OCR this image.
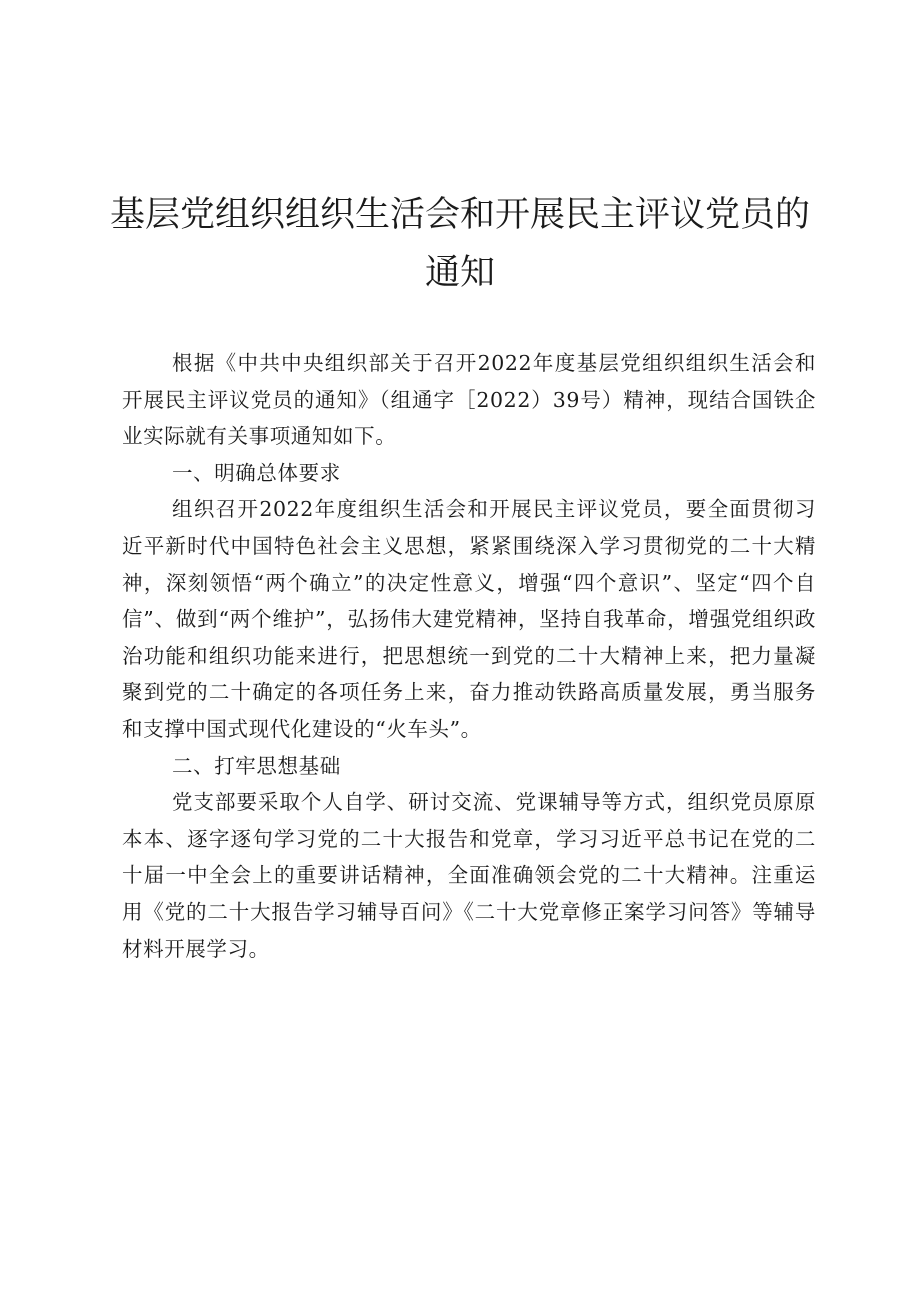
基层党组织组织生活会和开展民主评议党员的通知

根据《中共中央组织部关于召开2022年度基层党组织组织生活会和开展民主评议党员的通知》（组通字［2022）39号）精神，现结合国铁企业实际就有关事项通知如下。

一、明确总体要求

组织召开2022年度组织生活会和开展民主评议党员，要全面贯彻习近平新时代中国特色社会主义思想，紧紧围绕深入学习贯彻党的二十大精神，深刻领悟“两个确立”的决定性意义，增强“四个意识”、坚定“四个自信”、做到“两个维护”，弘扬伟大建党精神，坚持自我革命，增强党组织政治功能和组织功能来进行，把思想统一到党的二十大精神上来，把力量凝聚到党的二十确定的各项任务上来，奋力推动铁路高质量发展，勇当服务和支撑中国式现代化建设的“火车头”。

二、打牢思想基础

党支部要采取个人自学、研讨交流、党课辅导等方式，组织党员原原本本、逐字逐句学习党的二十大报告和党章，学习习近平总书记在党的二十届一中全会上的重要讲话精神，全面准确领会党的二十大精神。注重运用《党的二十大报告学习辅导百问》《二十大党章修正案学习问答》等辅导材料开展学习。
